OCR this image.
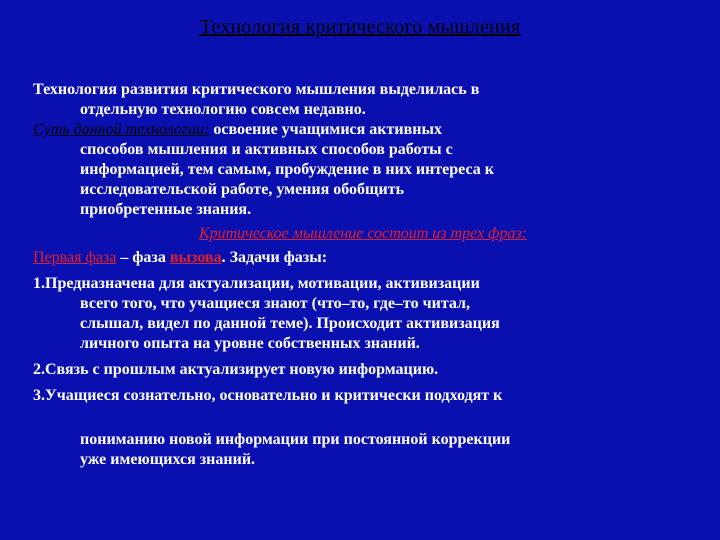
Технология критического мышления
Технология развития критического мышления выделилась в
отдельную технологию совсем недавно.
Суть данной технологии: освоение учащимися активных
способов мышления и активных способов работы с
информацией, тем самым, пробуждение в них интереса к
исследовательской работе, умения обобщить
приобретенные знания.
Критическое мышление состоит из трех фраз:
Первая фаза – фаза вызова. Задачи фазы:
1.Предназначена для актуализации, мотивации, активизации
всего того, что учащиеся знают (что–то, где–то читал,
слышал, видел по данной теме). Происходит активизация
личного опыта на уровне собственных знаний.
2.Связь с прошлым актуализирует новую информацию.
3.Учащиеся сознательно, основательно и критически подходят к
пониманию новой информации при постоянной коррекции
уже имеющихся знаний.
